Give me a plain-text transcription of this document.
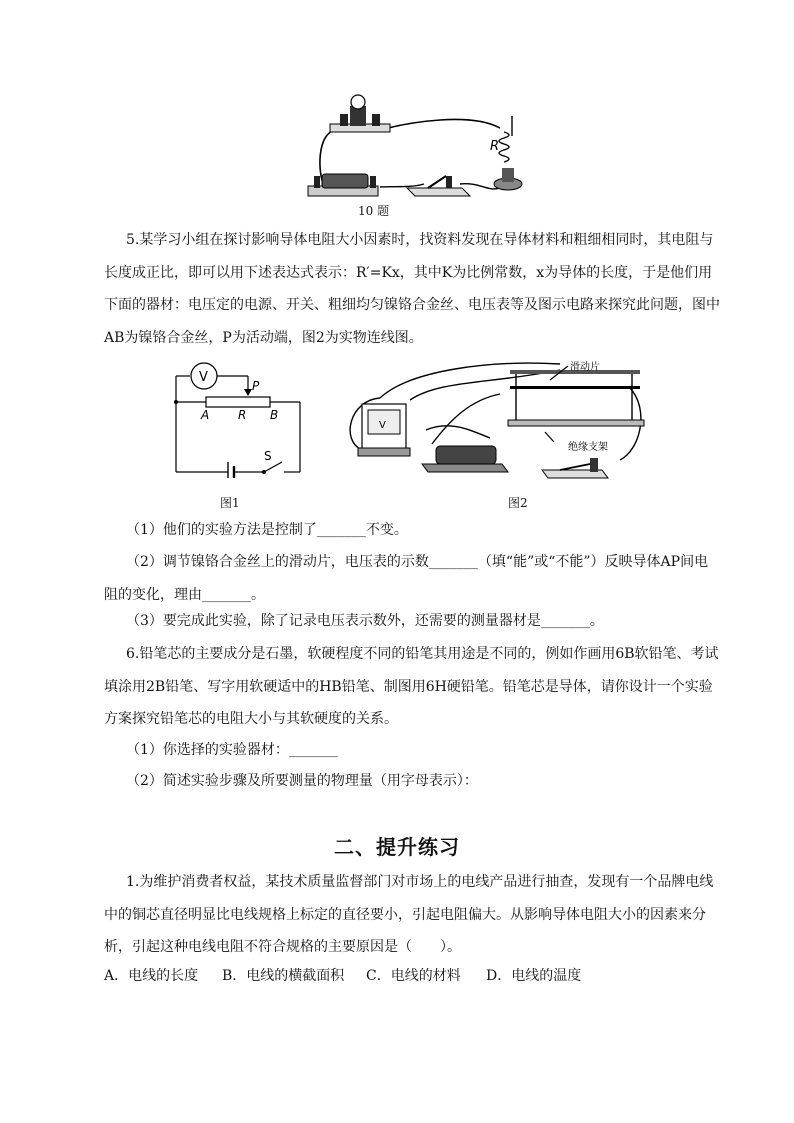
R
10 题
5.某学习小组在探讨影响导体电阻大小因素时，找资料发现在导体材料和粗细相同时，其电阻与长度成正比，即可以用下述表达式表示：R′=Kx，其中K为比例常数，x为导体的长度，于是他们用下面的器材：电压定的电源、开关、粗细均匀镍铬合金丝、电压表等及图示电路来探究此问题，图中AB为镍铬合金丝，P为活动端，图2为实物连线图。
V
P
A R B
S
图1
V
滑动片
绝缘支架
图2
（1）他们的实验方法是控制了_______不变。
（2）调节镍铬合金丝上的滑动片，电压表的示数_______（填“能”或“不能”）反映导体AP间电阻的变化，理由_______。
（3）要完成此实验，除了记录电压表示数外，还需要的测量器材是_______。
6.铅笔芯的主要成分是石墨，软硬程度不同的铅笔其用途是不同的，例如作画用6B软铅笔、考试填涂用2B铅笔、写字用软硬适中的HB铅笔、制图用6H硬铅笔。铅笔芯是导体，请你设计一个实验方案探究铅笔芯的电阻大小与其软硬度的关系。
（1）你选择的实验器材：_______
（2）简述实验步骤及所要测量的物理量（用字母表示）：
二、提升练习
1.为维护消费者权益，某技术质量监督部门对市场上的电线产品进行抽查，发现有一个品牌电线中的铜芯直径明显比电线规格上标定的直径要小，引起电阻偏大。从影响导体电阻大小的因素来分析，引起这种电线电阻不符合规格的主要原因是（　　）。
A．电线的长度 B．电线的横截面积 C．电线的材料 D．电线的温度
